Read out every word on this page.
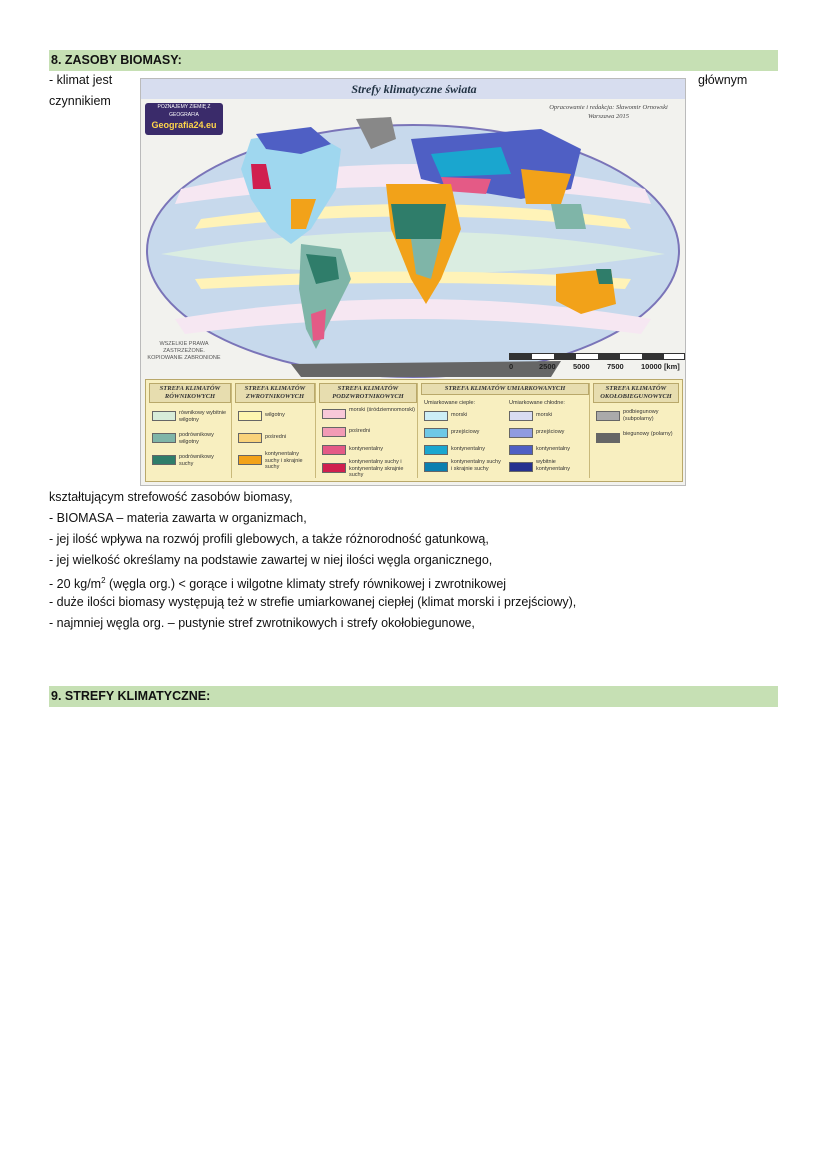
8. ZASOBY BIOMASY:
- klimat jest	głównym
czynnikiem
Strefy klimatyczne świata
POZNAJEMY ZIEMIĘ Z GEOGRAFIA
Geografia24.eu
Opracowanie i redakcja: Sławomir Ornowski Warszawa 2015
WSZELKIE PRAWA ZASTRZEŻONE. KOPIOWANIE ZABRONIONE
0	2500 5000 7500 10000 [km]
STREFA KLIMATÓW RÓWNIKOWYCH
równikowy wybitnie wilgotny
podrównikowy wilgotny
podrównikowy suchy
STREFA KLIMATÓW ZWROTNIKOWYCH
wilgotny
pośredni
kontynentalny suchy i skrajnie suchy
STREFA KLIMATÓW PODZWROTNIKOWYCH
morski (śródziemnomorski)
pośredni
kontynentalny
kontynentalny suchy i kontynentalny skrajnie suchy
STREFA KLIMATÓW UMIARKOWANYCH
Umiarkowane ciepłe:	Umiarkowane chłodne:
morski
przejściowy
kontynentalny
kontynentalny suchy i skrajnie suchy
morski
przejściowy
kontynentalny
wybitnie kontynentalny
STREFA KLIMATÓW OKOŁOBIEGUNOWYCH
podbiegunowy (subpolarny)
biegunowy (polarny)
kształtującym strefowość zasobów biomasy,
- BIOMASA – materia zawarta w organizmach,
- jej ilość wpływa na rozwój profili glebowych, a także różnorodność gatunkową,
- jej wielkość określamy na podstawie zawartej w niej ilości węgla organicznego,
- 20 $kg/m^2$ (węgla org.) < gorące i wilgotne klimaty strefy równikowej i zwrotnikowej
- duże ilości biomasy występują też w strefie umiarkowanej ciepłej (klimat morski i przejściowy),
- najmniej węgla org. – pustynie stref zwrotnikowych i strefy okołobiegunowe,
9. STREFY KLIMATYCZNE:
